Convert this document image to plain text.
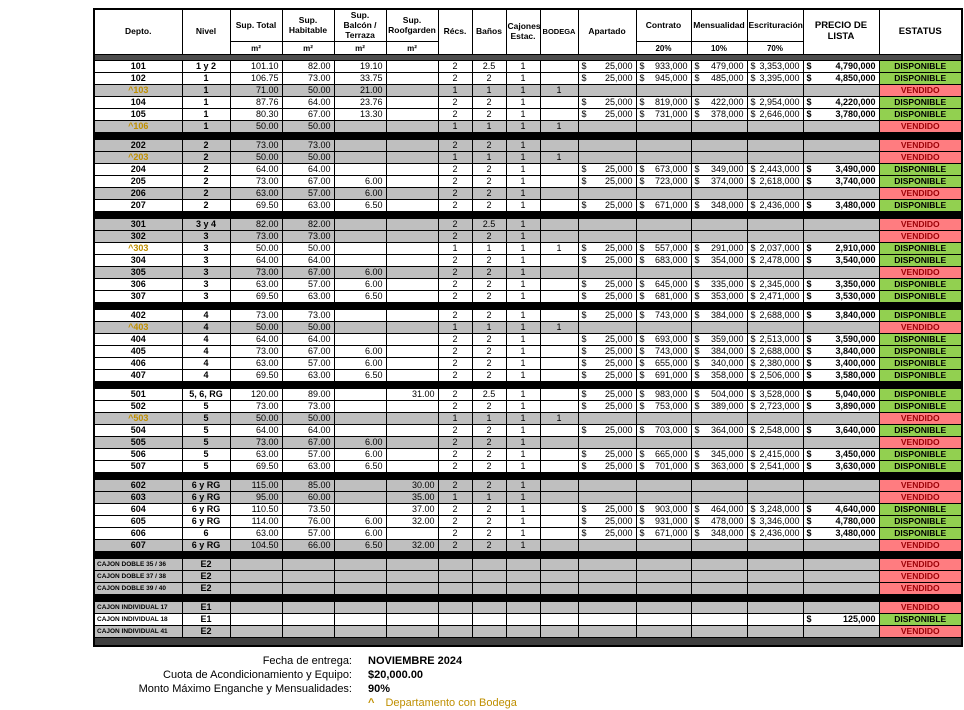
Depto.	Nivel	Sup. Total	Sup. Habitable	Sup. Balcón / Terraza	Sup. Roofgarden	Récs.	Baños	Cajones Estac.	BODEGA	Apartado	Contrato	Mensualidad	Escrituración	PRECIO DE LISTA	ESTATUS
		m²	m²	m²	m²						20%	10%	70%		

101	1 y 2	101.10	82.00	19.10		2	2.5	1		$ 25,000	$ 933,000	$ 479,000	$ 3,353,000	$ 4,790,000	DISPONIBLE
102	1	106.75	73.00	33.75		2	2	1		$ 25,000	$ 945,000	$ 485,000	$ 3,395,000	$ 4,850,000	DISPONIBLE
^103	1	71.00	50.00	21.00		1	1	1	1						VENDIDO
104	1	87.76	64.00	23.76		2	2	1		$ 25,000	$ 819,000	$ 422,000	$ 2,954,000	$ 4,220,000	DISPONIBLE
105	1	80.30	67.00	13.30		2	2	1		$ 25,000	$ 731,000	$ 378,000	$ 2,646,000	$ 3,780,000	DISPONIBLE
^106	1	50.00	50.00			1	1	1	1						VENDIDO

202	2	73.00	73.00			2	2	1							VENDIDO
^203	2	50.00	50.00			1	1	1	1						VENDIDO
204	2	64.00	64.00			2	2	1		$ 25,000	$ 673,000	$ 349,000	$ 2,443,000	$ 3,490,000	DISPONIBLE
205	2	73.00	67.00	6.00		2	2	1		$ 25,000	$ 723,000	$ 374,000	$ 2,618,000	$ 3,740,000	DISPONIBLE
206	2	63.00	57.00	6.00		2	2	1							VENDIDO
207	2	69.50	63.00	6.50		2	2	1		$ 25,000	$ 671,000	$ 348,000	$ 2,436,000	$ 3,480,000	DISPONIBLE

301	3 y 4	82.00	82.00			2	2.5	1							VENDIDO
302	3	73.00	73.00			2	2	1							VENDIDO
^303	3	50.00	50.00			1	1	1	1	$ 25,000	$ 557,000	$ 291,000	$ 2,037,000	$ 2,910,000	DISPONIBLE
304	3	64.00	64.00			2	2	1		$ 25,000	$ 683,000	$ 354,000	$ 2,478,000	$ 3,540,000	DISPONIBLE
305	3	73.00	67.00	6.00		2	2	1							VENDIDO
306	3	63.00	57.00	6.00		2	2	1		$ 25,000	$ 645,000	$ 335,000	$ 2,345,000	$ 3,350,000	DISPONIBLE
307	3	69.50	63.00	6.50		2	2	1		$ 25,000	$ 681,000	$ 353,000	$ 2,471,000	$ 3,530,000	DISPONIBLE

402	4	73.00	73.00			2	2	1		$ 25,000	$ 743,000	$ 384,000	$ 2,688,000	$ 3,840,000	DISPONIBLE
^403	4	50.00	50.00			1	1	1	1						VENDIDO
404	4	64.00	64.00			2	2	1		$ 25,000	$ 693,000	$ 359,000	$ 2,513,000	$ 3,590,000	DISPONIBLE
405	4	73.00	67.00	6.00		2	2	1		$ 25,000	$ 743,000	$ 384,000	$ 2,688,000	$ 3,840,000	DISPONIBLE
406	4	63.00	57.00	6.00		2	2	1		$ 25,000	$ 655,000	$ 340,000	$ 2,380,000	$ 3,400,000	DISPONIBLE
407	4	69.50	63.00	6.50		2	2	1		$ 25,000	$ 691,000	$ 358,000	$ 2,506,000	$ 3,580,000	DISPONIBLE

501	5, 6, RG	120.00	89.00		31.00	2	2.5	1		$ 25,000	$ 983,000	$ 504,000	$ 3,528,000	$ 5,040,000	DISPONIBLE
502	5	73.00	73.00			2	2	1		$ 25,000	$ 753,000	$ 389,000	$ 2,723,000	$ 3,890,000	DISPONIBLE
^503	5	50.00	50.00			1	1	1	1						VENDIDO
504	5	64.00	64.00			2	2	1		$ 25,000	$ 703,000	$ 364,000	$ 2,548,000	$ 3,640,000	DISPONIBLE
505	5	73.00	67.00	6.00		2	2	1							VENDIDO
506	5	63.00	57.00	6.00		2	2	1		$ 25,000	$ 665,000	$ 345,000	$ 2,415,000	$ 3,450,000	DISPONIBLE
507	5	69.50	63.00	6.50		2	2	1		$ 25,000	$ 701,000	$ 363,000	$ 2,541,000	$ 3,630,000	DISPONIBLE

602	6 y RG	115.00	85.00		30.00	2	2	1							VENDIDO
603	6 y RG	95.00	60.00		35.00	1	1	1							VENDIDO
604	6 y RG	110.50	73.50		37.00	2	2	1		$ 25,000	$ 903,000	$ 464,000	$ 3,248,000	$ 4,640,000	DISPONIBLE
605	6 y RG	114.00	76.00	6.00	32.00	2	2	1		$ 25,000	$ 931,000	$ 478,000	$ 3,346,000	$ 4,780,000	DISPONIBLE
606	6	63.00	57.00	6.00		2	2	1		$ 25,000	$ 671,000	$ 348,000	$ 2,436,000	$ 3,480,000	DISPONIBLE
607	6 y RG	104.50	66.00	6.50	32.00	2	2	1							VENDIDO

CAJON DOBLE 35 / 36	E2														VENDIDO
CAJON DOBLE 37 / 38	E2														VENDIDO
CAJON DOBLE 39 / 40	E2														VENDIDO

CAJON INDIVIDUAL 17	E1														VENDIDO
CAJON INDIVIDUAL 18	E1													$ 125,000	DISPONIBLE
CAJON INDIVIDUAL 41	E2														VENDIDO

Fecha de entrega:	NOVIEMBRE 2024
Cuota de Acondicionamiento y Equipo:	$20,000.00
Monto Máximo Enganche y Mensualidades:	90%
^ Departamento con Bodega
